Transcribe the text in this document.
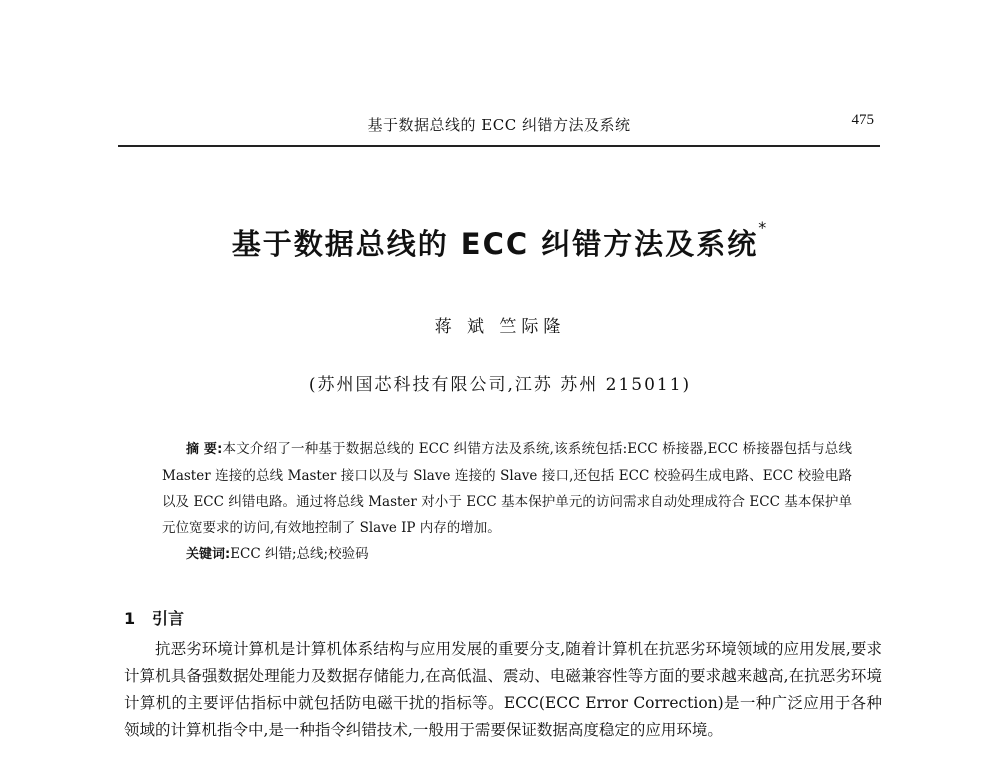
基于数据总线的 ECC 纠错方法及系统	475
基于数据总线的 ECC 纠错方法及系统*
蒋 斌 竺际隆
(苏州国芯科技有限公司,江苏 苏州 215011)

摘 要:本文介绍了一种基于数据总线的 ECC 纠错方法及系统,该系统包括:ECC 桥接器,ECC 桥接器包括与总线 Master 连接的总线 Master 接口以及与 Slave 连接的 Slave 接口,还包括 ECC 校验码生成电路、ECC 校验电路以及 ECC 纠错电路。通过将总线 Master 对小于 ECC 基本保护单元的访问需求自动处理成符合 ECC 基本保护单元位宽要求的访问,有效地控制了 Slave IP 内存的增加。

关键词:ECC 纠错;总线;校验码

1 引言

抗恶劣环境计算机是计算机体系结构与应用发展的重要分支,随着计算机在抗恶劣环境领域的应用发展,要求计算机具备强数据处理能力及数据存储能力,在高低温、震动、电磁兼容性等方面的要求越来越高,在抗恶劣环境计算机的主要评估指标中就包括防电磁干扰的指标等。ECC(ECC Error Correction)是一种广泛应用于各种领域的计算机指令中,是一种指令纠错技术,一般用于需要保证数据高度稳定的应用环境。
